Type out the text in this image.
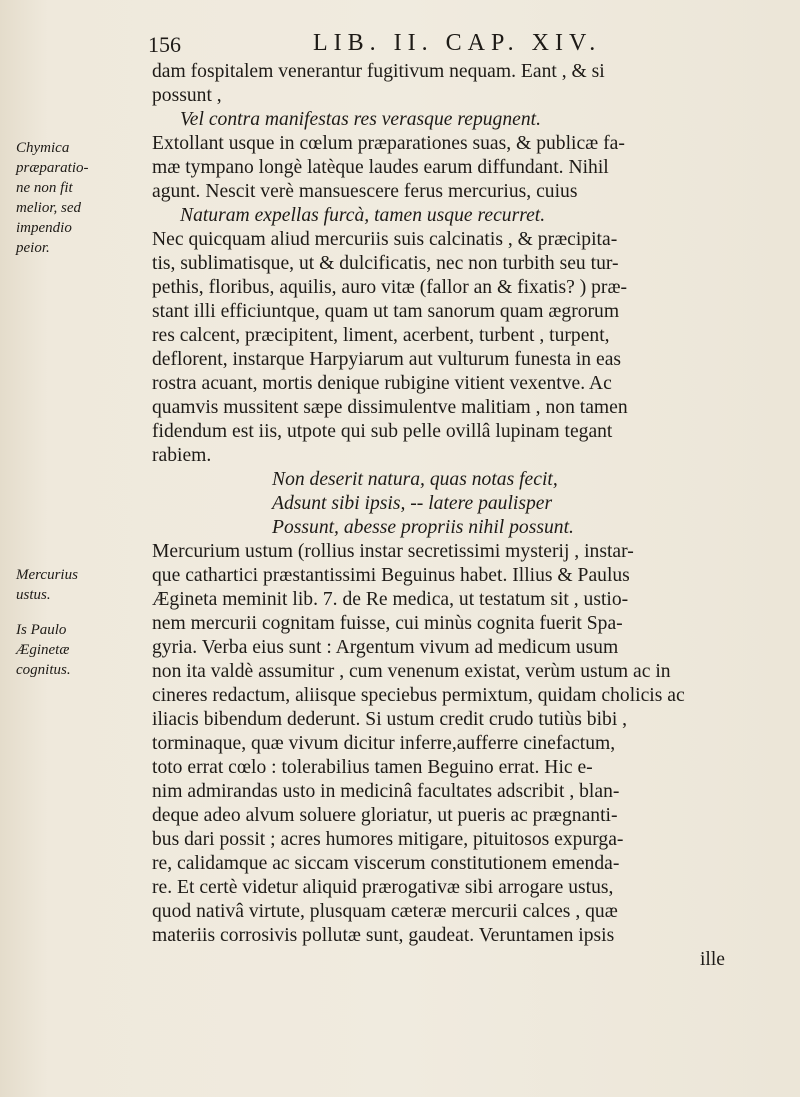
156	LIB. II. CAP. XIV.
Chymica
præparatio-
ne non fit
melior, sed
impendio
peior.
Mercurius
ustus.
Is Paulo
Æginetæ
cognitus.
dam fospitalem venerantur fugitivum nequam. Eant , & si
possunt ,
Vel contra manifestas res verasque repugnent.
Extollant usque in cœlum præparationes suas, & publicæ fa-
mæ tympano longè latèque laudes earum diffundant. Nihil
agunt. Nescit verè mansuescere ferus mercurius, cuius
Naturam expellas furcà, tamen usque recurret.
Nec quicquam aliud mercuriis suis calcinatis , & præcipita-
tis, sublimatisque, ut & dulcificatis, nec non turbith seu tur-
pethis, floribus, aquilis, auro vitæ (fallor an & fixatis? ) præ-
stant illi efficiuntque, quam ut tam sanorum quam ægrorum
res calcent, præcipitent, liment, acerbent, turbent , turpent,
deflorent, instarque Harpyiarum aut vulturum funesta in eas
rostra acuant, mortis denique rubigine vitient vexentve. Ac
quamvis mussitent sæpe dissimulentve malitiam , non tamen
fidendum est iis, utpote qui sub pelle ovillâ lupinam tegant
rabiem.
Non deserit natura, quas notas fecit,
Adsunt sibi ipsis, -- latere paulisper
Possunt, abesse propriis nihil possunt.
Mercurium ustum (rollius instar secretissimi mysterij , instar-
que cathartici præstantissimi Beguinus habet. Illius & Paulus
Ægineta meminit lib. 7. de Re medica, ut testatum sit , ustio-
nem mercurii cognitam fuisse, cui minùs cognita fuerit Spa-
gyria. Verba eius sunt : Argentum vivum ad medicum usum
non ita valdè assumitur , cum venenum existat, verùm ustum ac in
cineres redactum, aliisque speciebus permixtum, quidam cholicis ac
iliacis bibendum dederunt. Si ustum credit crudo tutiùs bibi ,
torminaque, quæ vivum dicitur inferre,aufferre cinefactum,
toto errat cœlo : tolerabilius tamen Beguino errat. Hic e-
nim admirandas usto in medicinâ facultates adscribit , blan-
deque adeo alvum soluere gloriatur, ut pueris ac prægnanti-
bus dari possit ; acres humores mitigare, pituitosos expurga-
re, calidamque ac siccam viscerum constitutionem emenda-
re. Et certè videtur aliquid prærogativæ sibi arrogare ustus,
quod nativâ virtute, plusquam cæteræ mercurii calces , quæ
materiis corrosivis pollutæ sunt, gaudeat. Veruntamen ipsis
ille
